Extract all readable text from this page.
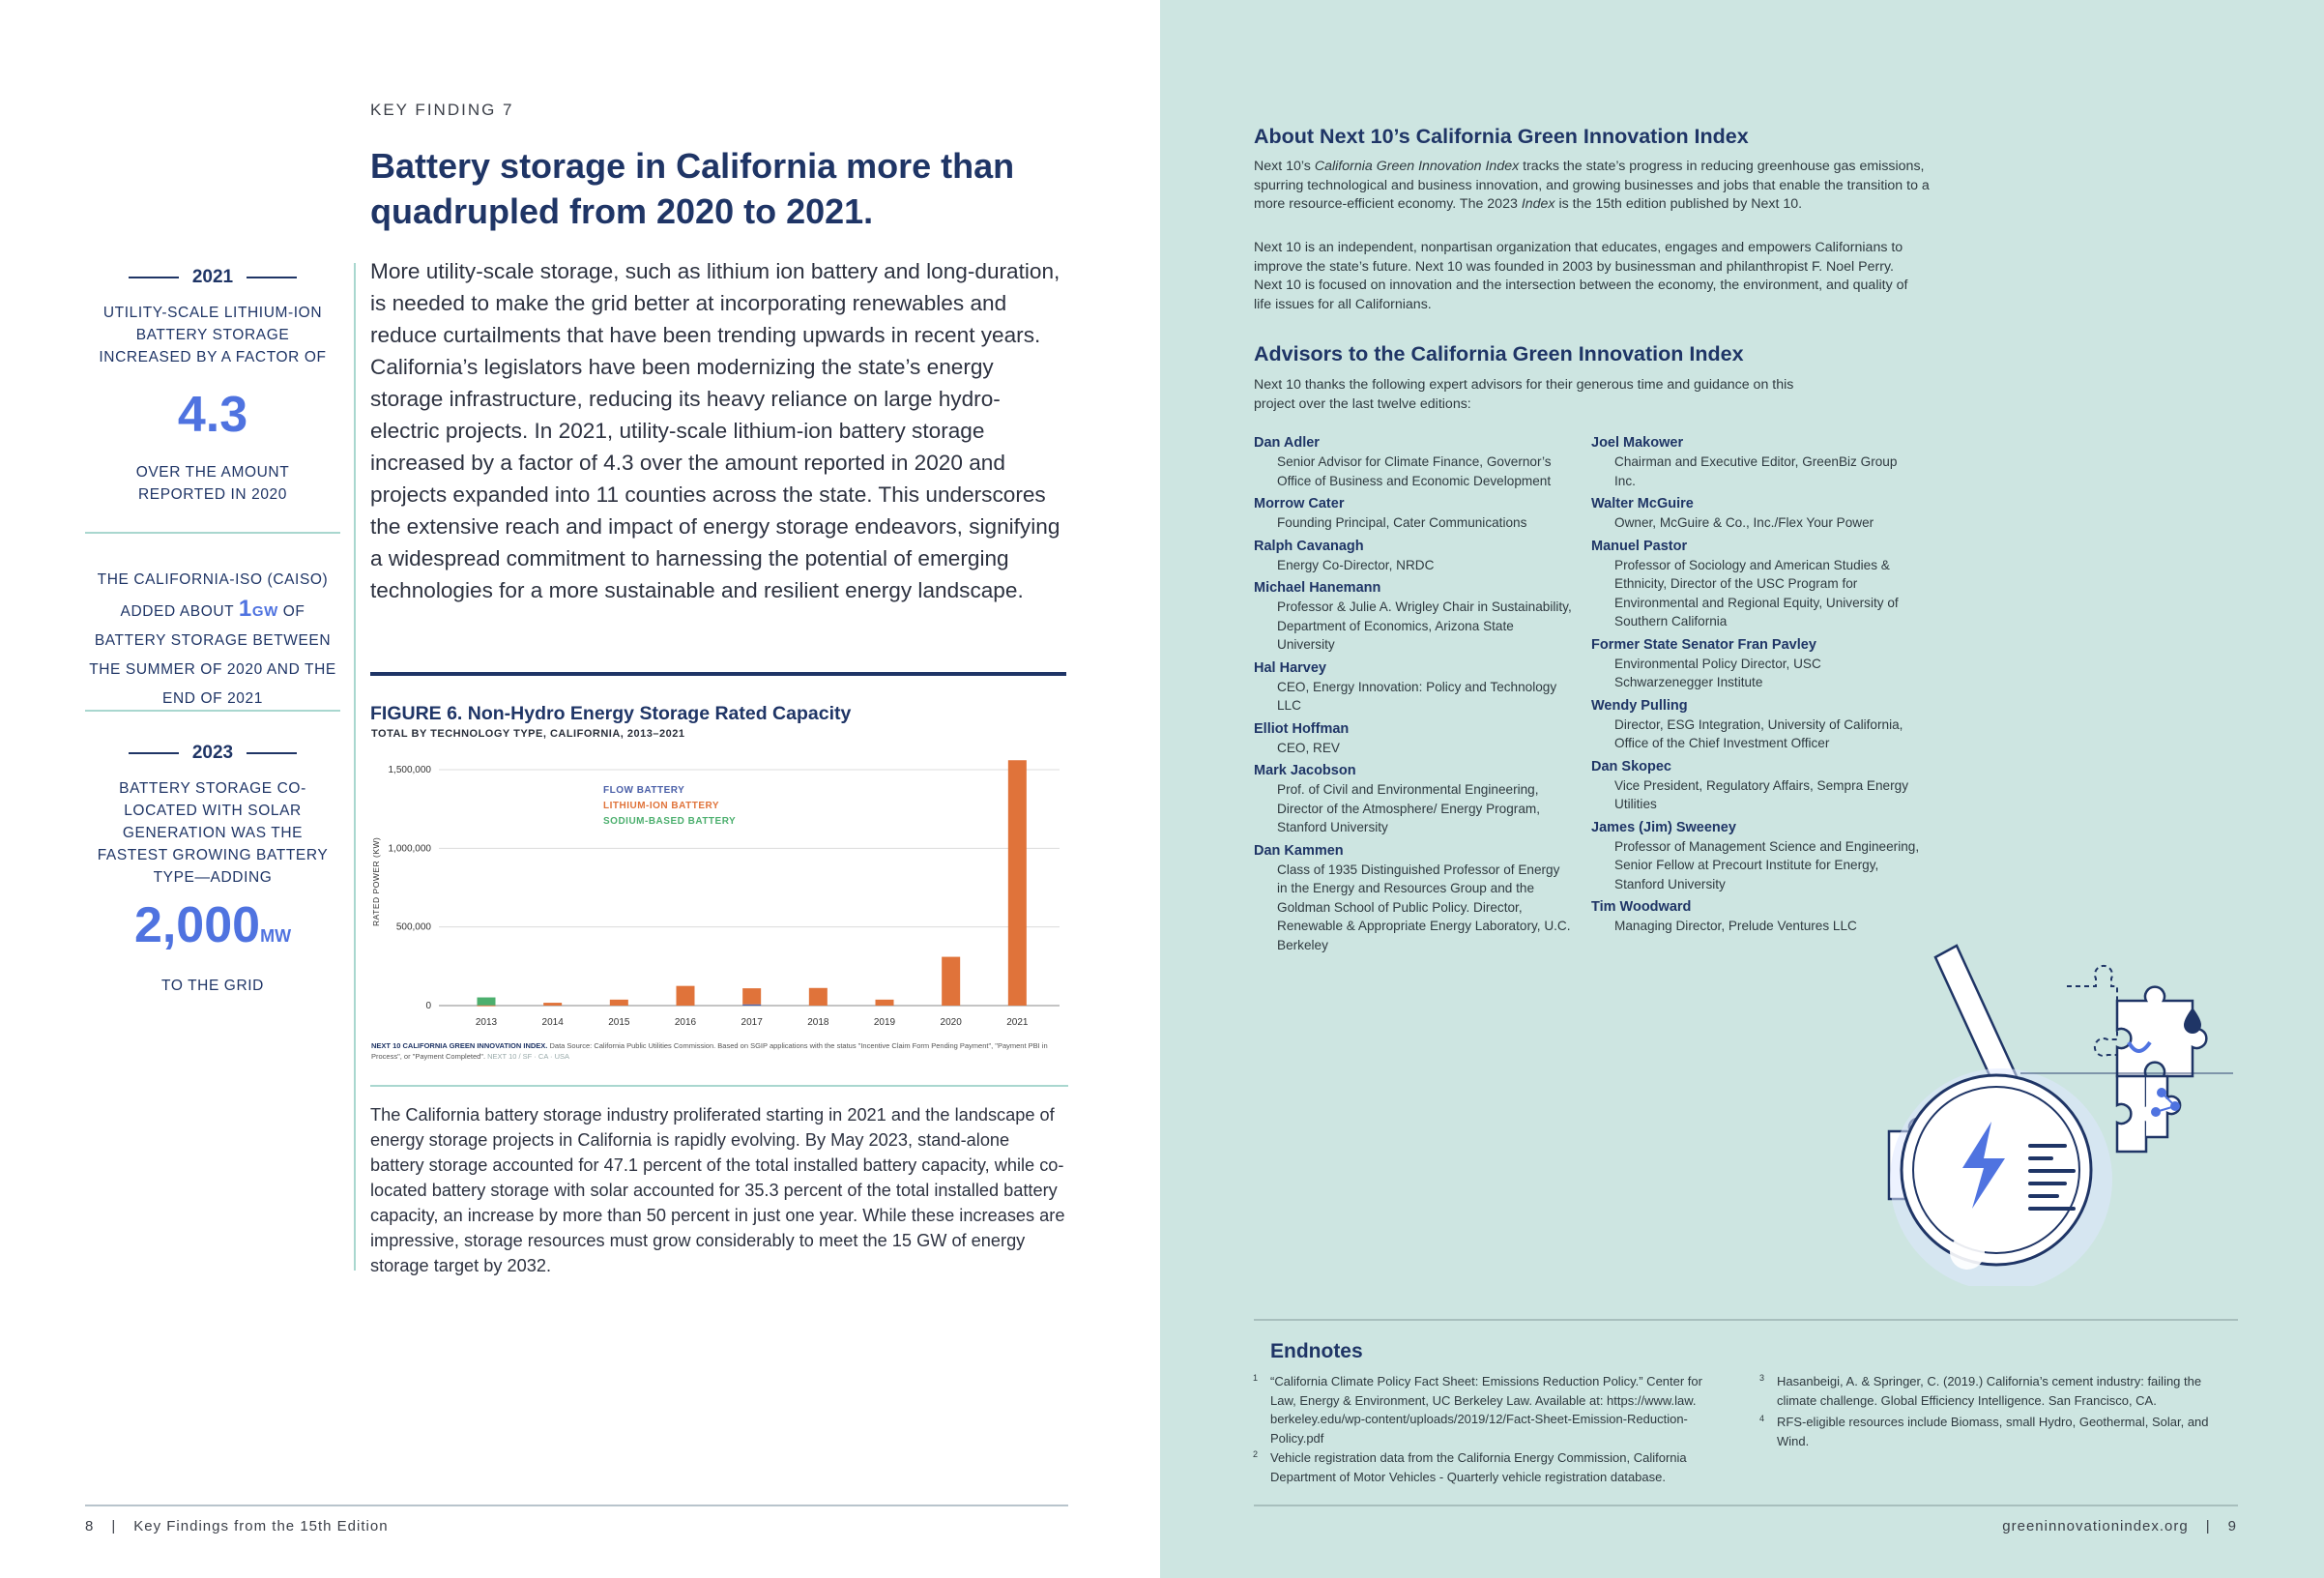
KEY FINDING 7
Battery storage in California more than quadrupled from 2020 to 2021.
2021
UTILITY-SCALE LITHIUM-ION BATTERY STORAGE INCREASED BY A FACTOR OF
4.3
OVER THE AMOUNT REPORTED IN 2020
THE CALIFORNIA-ISO (CAISO) ADDED ABOUT 1GW OF BATTERY STORAGE BETWEEN THE SUMMER OF 2020 AND THE END OF 2021
2023
BATTERY STORAGE CO-LOCATED WITH SOLAR GENERATION WAS THE FASTEST GROWING BATTERY TYPE—ADDING
2,000MW
TO THE GRID
More utility-scale storage, such as lithium ion battery and long-duration, is needed to make the grid better at incorporating renewables and reduce curtailments that have been trending upwards in recent years. California’s legislators have been modernizing the state’s energy storage infrastructure, reducing its heavy reliance on large hydro-electric projects. In 2021, utility-scale lithium-ion battery storage increased by a factor of 4.3 over the amount reported in 2020 and projects expanded into 11 counties across the state. This underscores the extensive reach and impact of energy storage endeavors, signifying a widespread commitment to harnessing the potential of emerging technologies for a more sustainable and resilient energy landscape.
FIGURE 6. Non-Hydro Energy Storage Rated Capacity
TOTAL BY TECHNOLOGY TYPE, CALIFORNIA, 2013–2021
0
500,000
1,000,000
1,500,000
2013	2014	2015	2016	2017	2018	2019	2020	2021
FLOW BATTERY
LITHIUM-ION BATTERY
SODIUM-BASED BATTERY
RATED POWER (KW)
NEXT 10 CALIFORNIA GREEN INNOVATION INDEX. Data Source: California Public Utilities Commission. Based on SGIP applications with the status "Incentive Claim Form Pending Payment", "Payment PBI in Process", or "Payment Completed". NEXT 10 / SF · CA · USA
The California battery storage industry proliferated starting in 2021 and the landscape of energy storage projects in California is rapidly evolving. By May 2023, stand-alone battery storage accounted for 47.1 percent of the total installed battery capacity, while co-located battery storage with solar accounted for 35.3 percent of the total installed battery capacity, an increase by more than 50 percent in just one year. While these increases are impressive, storage resources must grow considerably to meet the 15 GW of energy storage target by 2032.
8 | Key Findings from the 15th Edition
About Next 10’s California Green Innovation Index
Next 10’s California Green Innovation Index tracks the state’s progress in reducing greenhouse gas emissions, spurring technological and business innovation, and growing businesses and jobs that enable the transition to a more resource-efficient economy. The 2023 Index is the 15th edition published by Next 10.
Next 10 is an independent, nonpartisan organization that educates, engages and empowers Californians to improve the state’s future. Next 10 was founded in 2003 by businessman and philanthropist F. Noel Perry. Next 10 is focused on innovation and the intersection between the economy, the environment, and quality of life issues for all Californians.
Advisors to the California Green Innovation Index
Next 10 thanks the following expert advisors for their generous time and guidance on this project over the last twelve editions:
Dan Adler
Senior Advisor for Climate Finance, Governor’s Office of Business and Economic Development
Morrow Cater
Founding Principal, Cater Communications
Ralph Cavanagh
Energy Co-Director, NRDC
Michael Hanemann
Professor & Julie A. Wrigley Chair in Sustainability, Department of Economics, Arizona State University
Hal Harvey
CEO, Energy Innovation: Policy and Technology LLC
Elliot Hoffman
CEO, REV
Mark Jacobson
Prof. of Civil and Environmental Engineering, Director of the Atmosphere/ Energy Program, Stanford University
Dan Kammen
Class of 1935 Distinguished Professor of Energy in the Energy and Resources Group and the Goldman School of Public Policy. Director, Renewable & Appropriate Energy Laboratory, U.C. Berkeley
Joel Makower
Chairman and Executive Editor, GreenBiz Group Inc.
Walter McGuire
Owner, McGuire & Co., Inc./Flex Your Power
Manuel Pastor
Professor of Sociology and American Studies & Ethnicity, Director of the USC Program for Environmental and Regional Equity, University of Southern California
Former State Senator Fran Pavley
Environmental Policy Director, USC Schwarzenegger Institute
Wendy Pulling
Director, ESG Integration, University of California, Office of the Chief Investment Officer
Dan Skopec
Vice President, Regulatory Affairs, Sempra Energy Utilities
James (Jim) Sweeney
Professor of Management Science and Engineering, Senior Fellow at Precourt Institute for Energy, Stanford University
Tim Woodward
Managing Director, Prelude Ventures LLC
Endnotes
1 “California Climate Policy Fact Sheet: Emissions Reduction Policy.” Center for Law, Energy & Environment, UC Berkeley Law. Available at: https://www.law. berkeley.edu/wp-content/uploads/2019/12/Fact-Sheet-Emission-Reduction-Policy.pdf
2 Vehicle registration data from the California Energy Commission, California Department of Motor Vehicles - Quarterly vehicle registration database.
3 Hasanbeigi, A. & Springer, C. (2019.) California’s cement industry: failing the climate challenge. Global Efficiency Intelligence. San Francisco, CA.
4 RFS-eligible resources include Biomass, small Hydro, Geothermal, Solar, and Wind.
greeninnovationindex.org | 9
